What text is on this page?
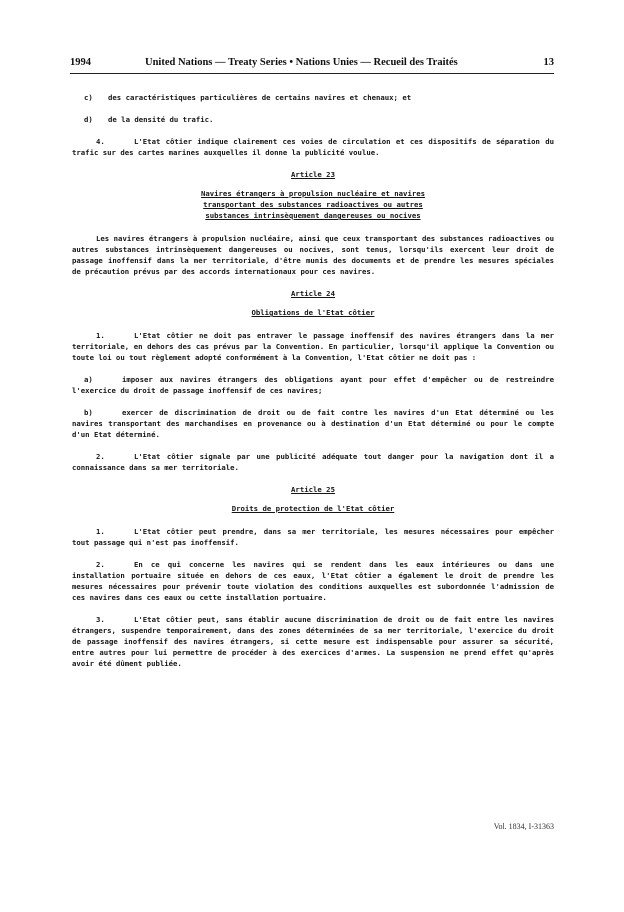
1994	United Nations — Treaty Series • Nations Unies — Recueil des Traités	13
c) des caractéristiques particulières de certains navires et chenaux; et
d) de la densité du trafic.

4.	L'Etat côtier indique clairement ces voies de circulation et ces dispositifs de séparation du trafic sur des cartes marines auxquelles il donne la publicité voulue.

Article 23
Navires étrangers à propulsion nucléaire et navires
transportant des substances radioactives ou autres
substances intrinsèquement dangereuses ou nocives

Les navires étrangers à propulsion nucléaire, ainsi que ceux transportant des substances radioactives ou autres substances intrinsèquement dangereuses ou nocives, sont tenus, lorsqu'ils exercent leur droit de passage inoffensif dans la mer territoriale, d'être munis des documents et de prendre les mesures spéciales de précaution prévus par des accords internationaux pour ces navires.

Article 24
Obligations de l'Etat côtier

1.	L'Etat côtier ne doit pas entraver le passage inoffensif des navires étrangers dans la mer territoriale, en dehors des cas prévus par la Convention. En particulier, lorsqu'il applique la Convention ou toute loi ou tout règlement adopté conformément à la Convention, l'Etat côtier ne doit pas :

a)	imposer aux navires étrangers des obligations ayant pour effet d'empêcher ou de restreindre l'exercice du droit de passage inoffensif de ces navires;

b)	exercer de discrimination de droit ou de fait contre les navires d'un Etat déterminé ou les navires transportant des marchandises en provenance ou à destination d'un Etat déterminé ou pour le compte d'un Etat déterminé.

2.	L'Etat côtier signale par une publicité adéquate tout danger pour la navigation dont il a connaissance dans sa mer territoriale.

Article 25
Droits de protection de l'Etat côtier

1.	L'Etat côtier peut prendre, dans sa mer territoriale, les mesures nécessaires pour empêcher tout passage qui n'est pas inoffensif.

2.	En ce qui concerne les navires qui se rendent dans les eaux intérieures ou dans une installation portuaire située en dehors de ces eaux, l'Etat côtier a également le droit de prendre les mesures nécessaires pour prévenir toute violation des conditions auxquelles est subordonnée l'admission de ces navires dans ces eaux ou cette installation portuaire.

3.	L'Etat côtier peut, sans établir aucune discrimination de droit ou de fait entre les navires étrangers, suspendre temporairement, dans des zones déterminées de sa mer territoriale, l'exercice du droit de passage inoffensif des navires étrangers, si cette mesure est indispensable pour assurer sa sécurité, entre autres pour lui permettre de procéder à des exercices d'armes. La suspension ne prend effet qu'après avoir été dûment publiée.

Vol. 1834, I-31363
